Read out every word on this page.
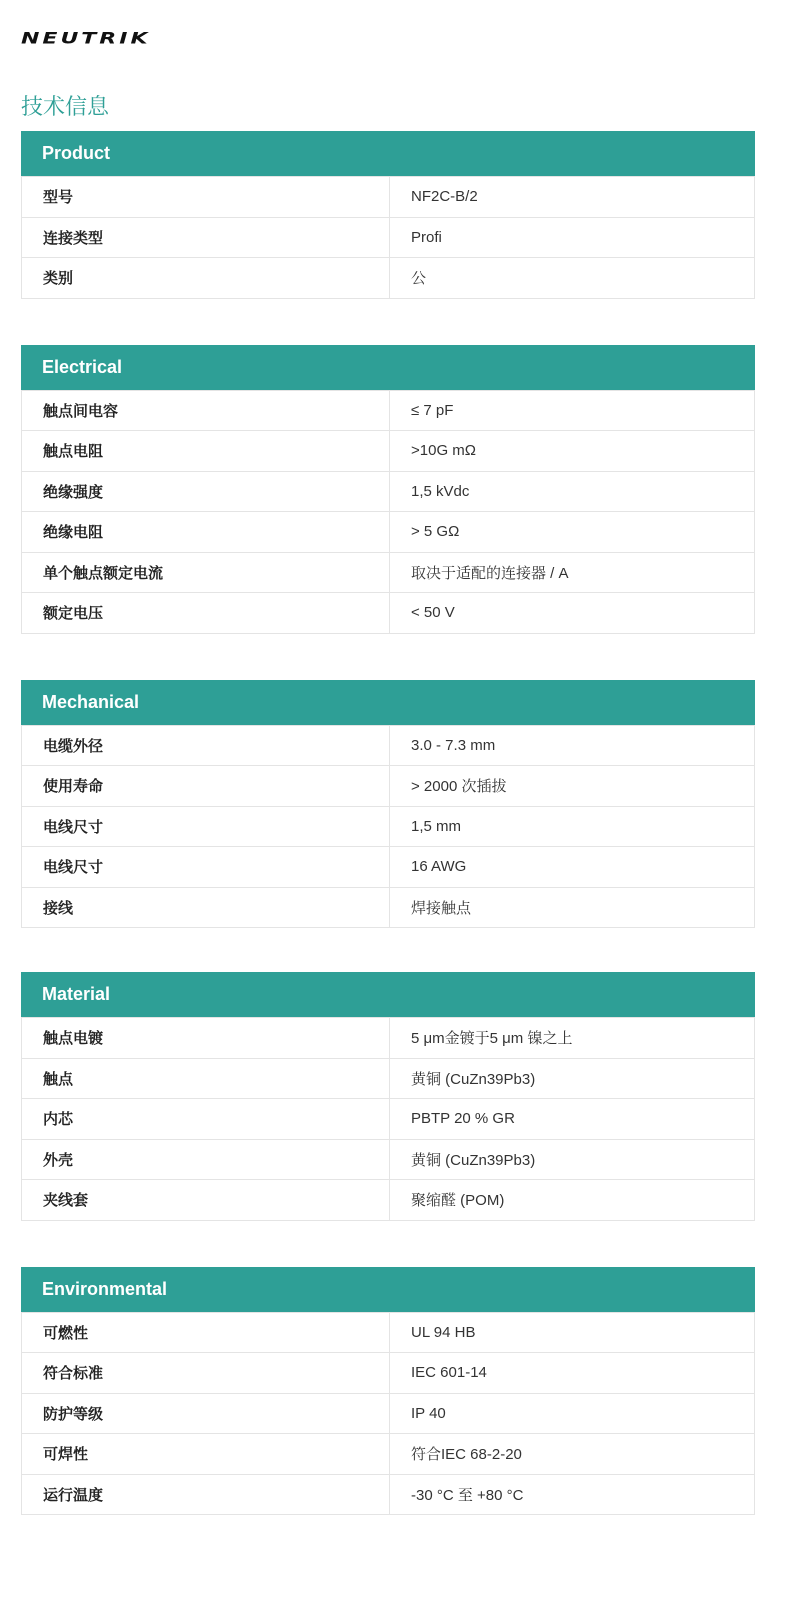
NEUTRIK
技术信息
Product
型号	NF2C-B/2
连接类型	Profi
类别	公
Electrical
触点间电容	≤ 7 pF
触点电阻	>10G mΩ
绝缘强度	1,5 kVdc
绝缘电阻	> 5 GΩ
单个触点额定电流	取决于适配的连接器 / A
额定电压	< 50 V
Mechanical
电缆外径	3.0 - 7.3 mm
使用寿命	> 2000 次插拔
电线尺寸	1,5 mm
电线尺寸	16 AWG
接线	焊接触点
Material
触点电镀	5 μm金镀于5 μm 镍之上
触点	黄铜 (CuZn39Pb3)
内芯	PBTP 20 % GR
外壳	黄铜 (CuZn39Pb3)
夹线套	聚缩醛 (POM)
Environmental
可燃性	UL 94 HB
符合标准	IEC 601-14
防护等级	IP 40
可焊性	符合IEC 68-2-20
运行温度	-30 °C 至 +80 °C
